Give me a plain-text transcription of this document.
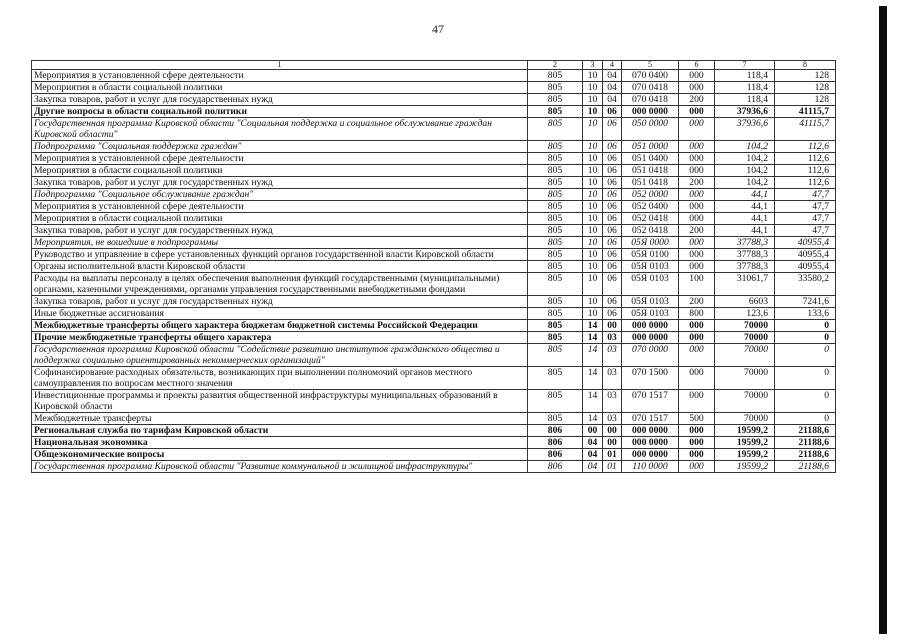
47
1	2	3	4	5	6	7	8
Мероприятия в установленной сфере деятельности	805	10	04	070 0400	000	118,4	128
Мероприятия в области социальной политики	805	10	04	070 0418	000	118,4	128
Закупка товаров, работ и услуг для государственных нужд	805	10	04	070 0418	200	118,4	128
Другие вопросы в области социальной политики	805	10	06	000 0000	000	37936,6	41115,7
Государственная программа Кировской области "Социальная поддержка и социальное обслуживание граждан Кировской области"	805	10	06	050 0000	000	37936,6	41115,7
Подпрограмма "Социальная поддержка граждан"	805	10	06	051 0000	000	104,2	112,6
Мероприятия в установленной сфере деятельности	805	10	06	051 0400	000	104,2	112,6
Мероприятия в области социальной политики	805	10	06	051 0418	000	104,2	112,6
Закупка товаров, работ и услуг для государственных нужд	805	10	06	051 0418	200	104,2	112,6
Подпрограмма "Социальное обслуживание граждан"	805	10	06	052 0000	000	44,1	47,7
Мероприятия в установленной сфере деятельности	805	10	06	052 0400	000	44,1	47,7
Мероприятия в области социальной политики	805	10	06	052 0418	000	44,1	47,7
Закупка товаров, работ и услуг для государственных нужд	805	10	06	052 0418	200	44,1	47,7
Мероприятия, не вошедшие в подпрограммы	805	10	06	05Я 0000	000	37788,3	40955,4
Руководство и управление в сфере установленных функций органов государственной власти Кировской области	805	10	06	05Я 0100	000	37788,3	40955,4
Органы исполнительной власти Кировской области	805	10	06	05Я 0103	000	37788,3	40955,4
Расходы на выплаты персоналу в целях обеспечения выполнения функций государственными (муниципальными) органами, казенными учреждениями, органами управления государственными внебюджетными фондами	805	10	06	05Я 0103	100	31061,7	33580,2
Закупка товаров, работ и услуг для государственных нужд	805	10	06	05Я 0103	200	6603	7241,6
Иные бюджетные ассигнования	805	10	06	05Я 0103	800	123,6	133,6
Межбюджетные трансферты общего характера бюджетам бюджетной системы Российской Федерации	805	14	00	000 0000	000	70000	0
Прочие межбюджетные трансферты общего характера	805	14	03	000 0000	000	70000	0
Государственная программа Кировской области "Содействие развитию институтов гражданского общества и поддержка социально ориентированных некоммерческих организаций"	805	14	03	070 0000	000	70000	0
Софинансирование расходных обязательств, возникающих при выполнении полномочий органов местного самоуправления по вопросам местного значения	805	14	03	070 1500	000	70000	0
Инвестиционные программы и проекты развития общественной инфраструктуры муниципальных образований в Кировской области	805	14	03	070 1517	000	70000	0
Межбюджетные трансферты	805	14	03	070 1517	500	70000	0
Региональная служба по тарифам Кировской области	806	00	00	000 0000	000	19599,2	21188,6
Национальная экономика	806	04	00	000 0000	000	19599,2	21188,6
Общеэкономические вопросы	806	04	01	000 0000	000	19599,2	21188,6
Государственная программа Кировской области "Развитие коммунальной и жилищной инфраструктуры"	806	04	01	110 0000	000	19599,2	21188,6
